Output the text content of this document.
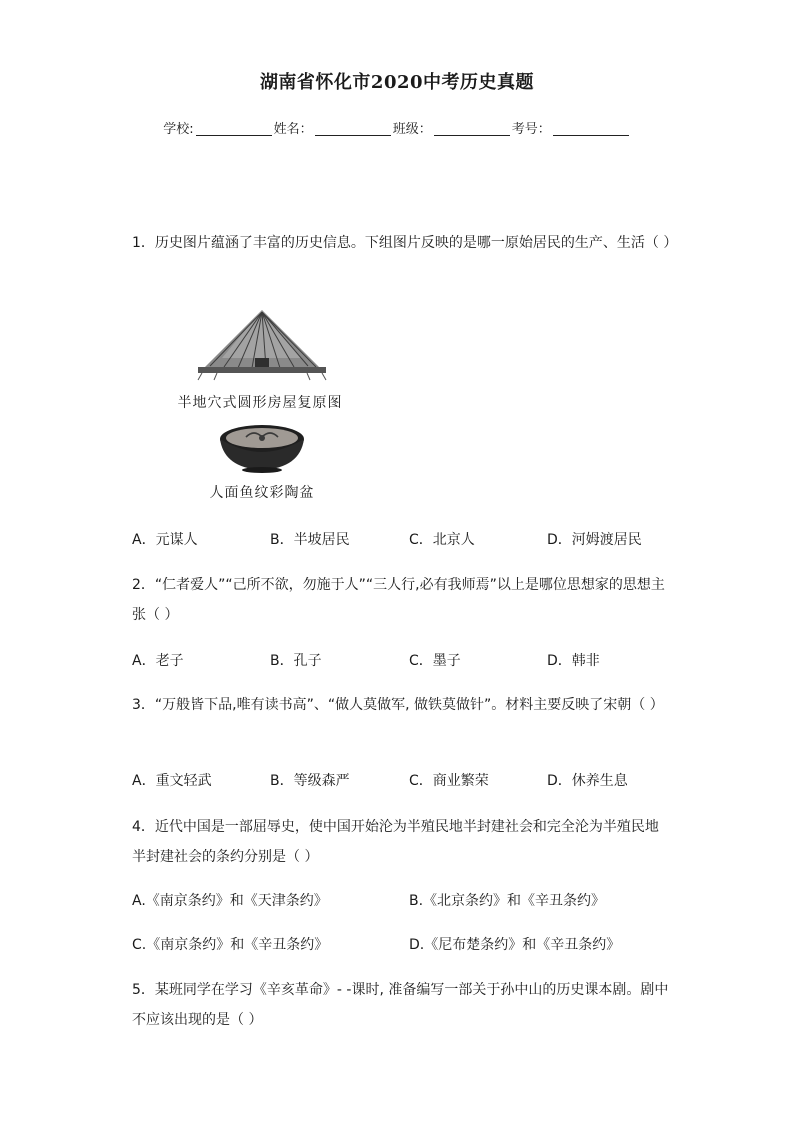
湖南省怀化市2020中考历史真题
学校:	姓名：	班级：	考号：
1．历史图片蕴涵了丰富的历史信息。下组图片反映的是哪一原始居民的生产、生活（ ）
半地穴式圆形房屋复原图
人面鱼纹彩陶盆
A．元谋人	B．半坡居民	C．北京人	D．河姆渡居民
2．“仁者爱人”“己所不欲，勿施于人”“三人行,必有我师焉”以上是哪位思想家的思想主张（ ）
A．老子	B．孔子	C．墨子	D．韩非
3．“万般皆下品,唯有读书高”、“做人莫做军, 做铁莫做针”。材料主要反映了宋朝（ ）
A．重文轻武	B．等级森严	C．商业繁荣	D．休养生息
4．近代中国是一部屈辱史，使中国开始沦为半殖民地半封建社会和完全沦为半殖民地半封建社会的条约分别是（ ）
A.《南京条约》和《天津条约》	B.《北京条约》和《辛丑条约》
C.《南京条约》和《辛丑条约》	D.《尼布楚条约》和《辛丑条约》
5．某班同学在学习《辛亥革命》- -课时, 准备编写一部关于孙中山的历史课本剧。剧中不应该出现的是（ ）
